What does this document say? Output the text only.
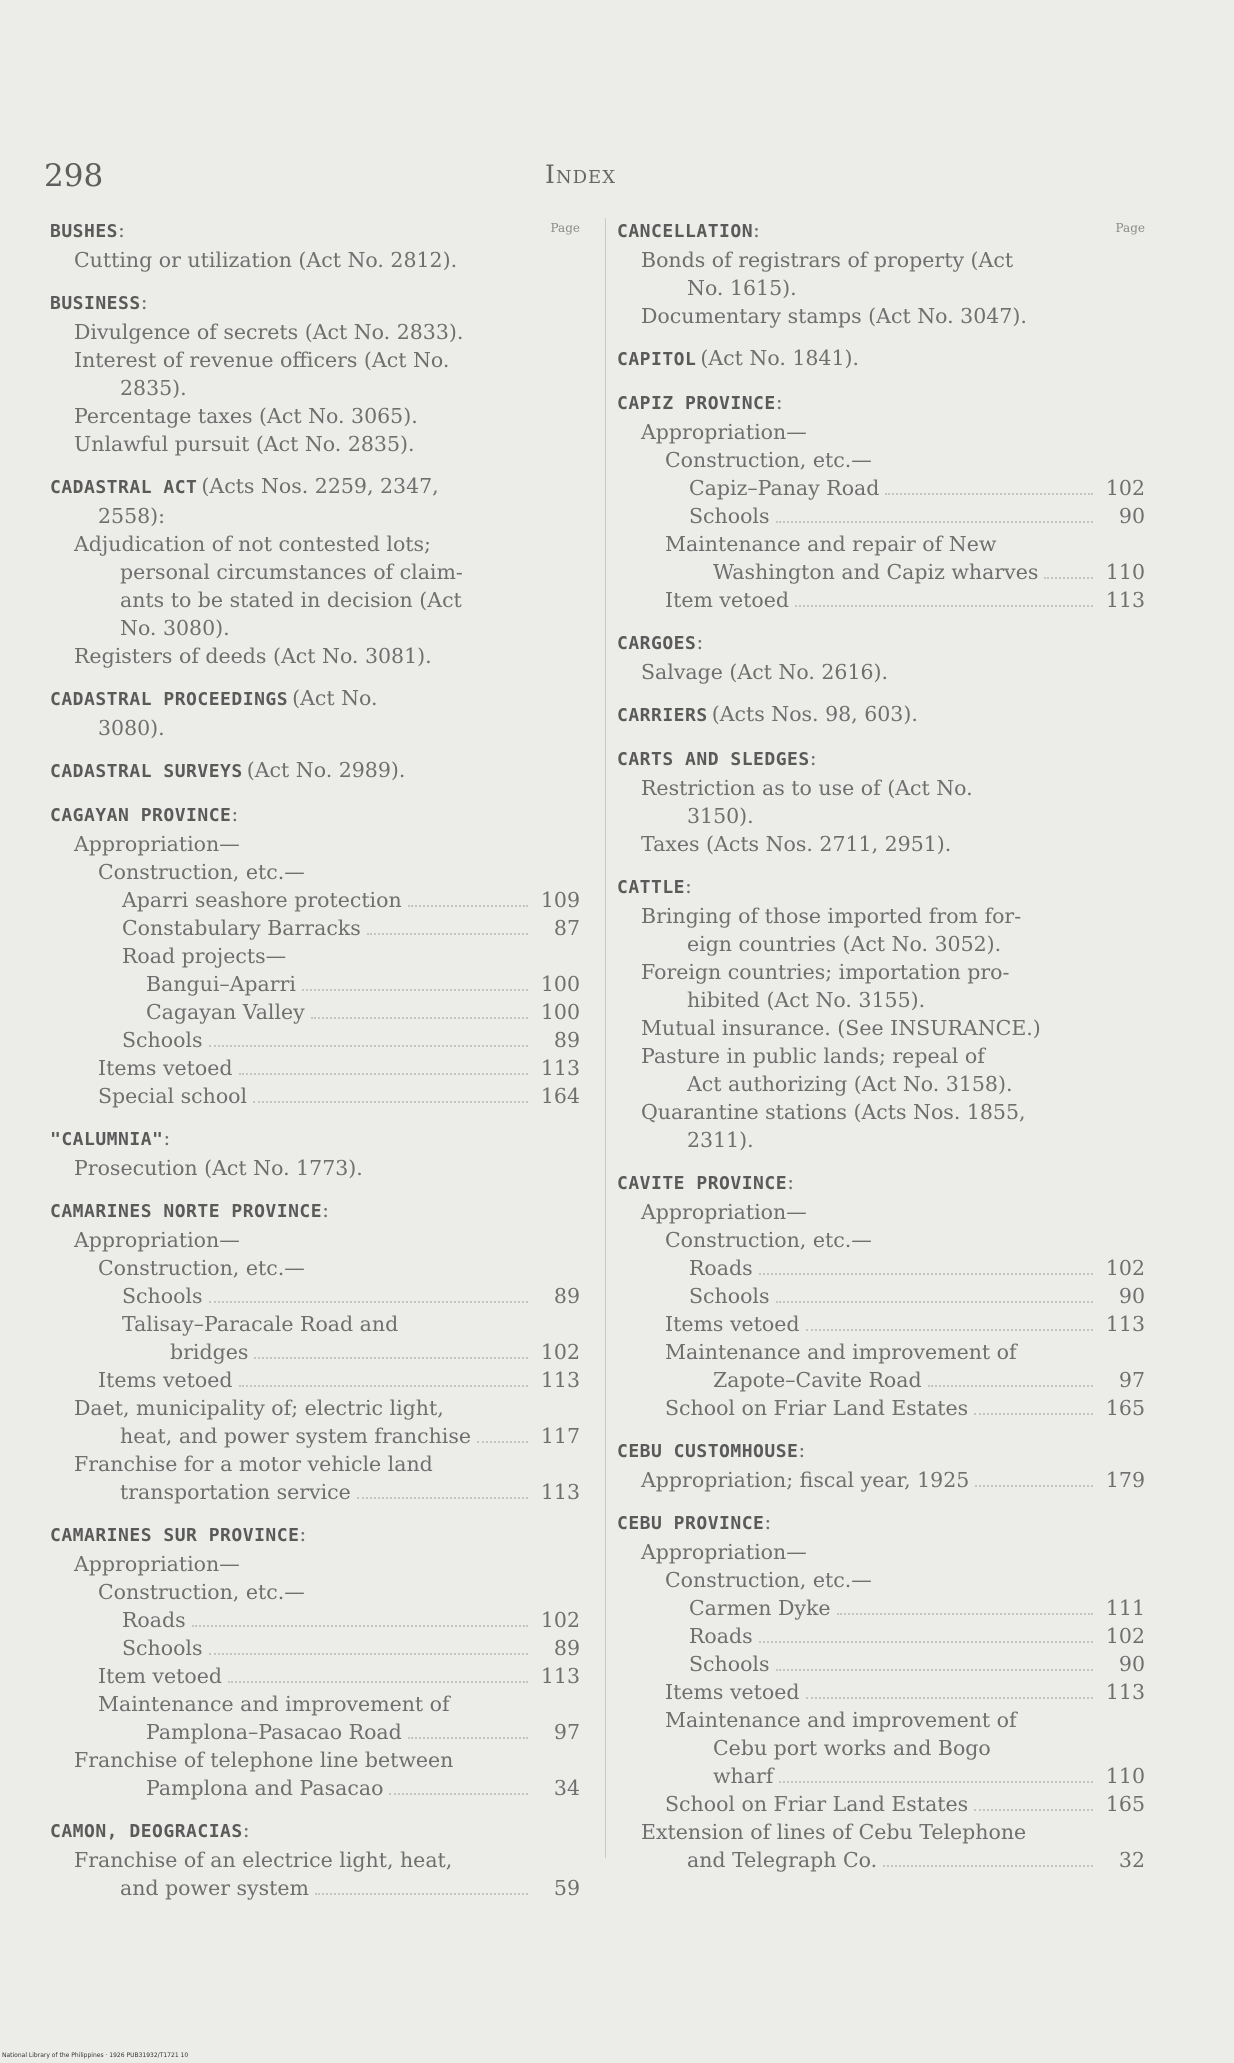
298	Index
Page
BUSHES :
Cutting or utilization (Act No. 2812).
BUSINESS :
Divulgence of secrets (Act No. 2833).
Interest of revenue officers (Act No.
2835).
Percentage taxes (Act No. 3065).
Unlawful pursuit (Act No. 2835).
CADASTRAL ACT (Acts Nos. 2259, 2347,
2558):
Adjudication of not contested lots;
personal circumstances of claim-
ants to be stated in decision (Act
No. 3080).
Registers of deeds (Act No. 3081).
CADASTRAL PROCEEDINGS (Act No.
3080).
CADASTRAL SURVEYS (Act No. 2989).
CAGAYAN PROVINCE :
Appropriation—
Construction, etc.—
Aparri seashore protection	109
Constabulary Barracks	87
Road projects—
Bangui–Aparri	100
Cagayan Valley	100
Schools	89
Items vetoed	113
Special school	164
"CALUMNIA" :
Prosecution (Act No. 1773).
CAMARINES NORTE PROVINCE :
Appropriation—
Construction, etc.—
Schools	89
Talisay–Paracale Road and
bridges	102
Items vetoed	113
Daet, municipality of; electric light,
heat, and power system franchise	117
Franchise for a motor vehicle land
transportation service	113
CAMARINES SUR PROVINCE :
Appropriation—
Construction, etc.—
Roads	102
Schools	89
Item vetoed	113
Maintenance and improvement of
Pamplona–Pasacao Road	97
Franchise of telephone line between
Pamplona and Pasacao	34
CAMON, DEOGRACIAS :
Franchise of an electrice light, heat,
and power system	59
Page
CANCELLATION :
Bonds of registrars of property (Act
No. 1615).
Documentary stamps (Act No. 3047).
CAPITOL (Act No. 1841).
CAPIZ PROVINCE :
Appropriation—
Construction, etc.—
Capiz–Panay Road	102
Schools	90
Maintenance and repair of New
Washington and Capiz wharves	110
Item vetoed	113
CARGOES :
Salvage (Act No. 2616).
CARRIERS (Acts Nos. 98, 603).
CARTS AND SLEDGES :
Restriction as to use of (Act No.
3150).
Taxes (Acts Nos. 2711, 2951).
CATTLE :
Bringing of those imported from for-
eign countries (Act No. 3052).
Foreign countries; importation pro-
hibited (Act No. 3155).
Mutual insurance. (See INSURANCE.)
Pasture in public lands; repeal of
Act authorizing (Act No. 3158).
Quarantine stations (Acts Nos. 1855,
2311).
CAVITE PROVINCE :
Appropriation—
Construction, etc.—
Roads	102
Schools	90
Items vetoed	113
Maintenance and improvement of
Zapote–Cavite Road	97
School on Friar Land Estates	165
CEBU CUSTOMHOUSE :
Appropriation; fiscal year, 1925	179
CEBU PROVINCE :
Appropriation—
Construction, etc.—
Carmen Dyke	111
Roads	102
Schools	90
Items vetoed	113
Maintenance and improvement of
Cebu port works and Bogo
wharf	110
School on Friar Land Estates	165
Extension of lines of Cebu Telephone
and Telegraph Co.	32
National Library of the Philippines · 1926 PUB31932/T1721 10
